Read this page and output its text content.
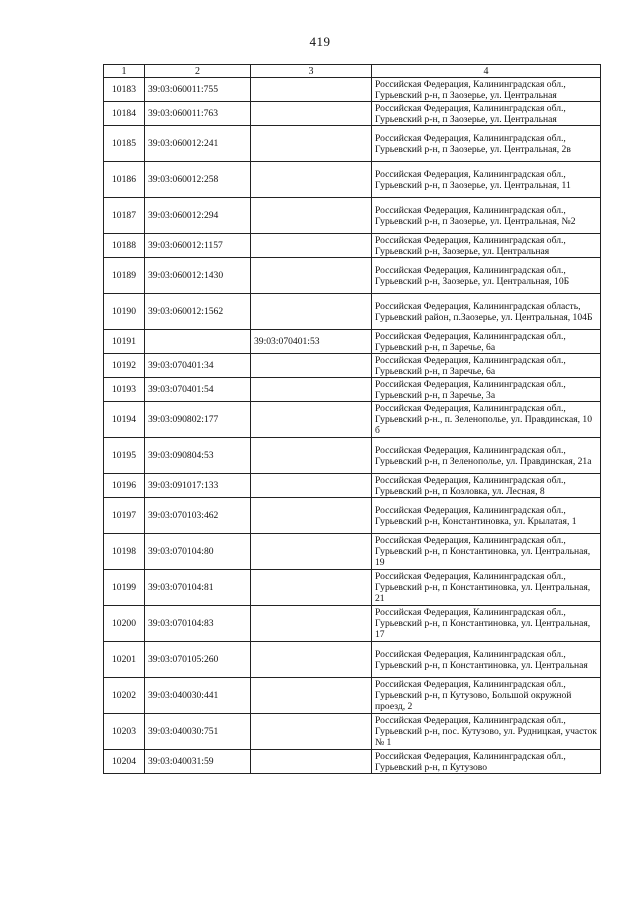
419
1	2	3	4
10183	39:03:060011:755		Российская Федерация, Калининградская обл., Гурьевский р-н, п Заозерье, ул. Центральная
10184	39:03:060011:763		Российская Федерация, Калининградская обл., Гурьевский р-н, п Заозерье, ул. Центральная
10185	39:03:060012:241		Российская Федерация, Калининградская обл., Гурьевский р-н, п Заозерье, ул. Центральная, 2в
10186	39:03:060012:258		Российская Федерация, Калининградская обл., Гурьевский р-н, п Заозерье, ул. Центральная, 11
10187	39:03:060012:294		Российская Федерация, Калининградская обл., Гурьевский р-н, п Заозерье, ул. Центральная, №2
10188	39:03:060012:1157		Российская Федерация, Калининградская обл., Гурьевский р-н, Заозерье, ул. Центральная
10189	39:03:060012:1430		Российская Федерация, Калининградская обл., Гурьевский р-н, Заозерье, ул. Центральная, 10Б
10190	39:03:060012:1562		Российская Федерация, Калининградская область, Гурьевский район, п.Заозерье, ул. Центральная, 104Б
10191		39:03:070401:53	Российская Федерация, Калининградская обл., Гурьевский р-н, п Заречье, 6а
10192	39:03:070401:34		Российская Федерация, Калининградская обл., Гурьевский р-н, п Заречье, 6а
10193	39:03:070401:54		Российская Федерация, Калининградская обл., Гурьевский р-н, п Заречье, 3а
10194	39:03:090802:177		Российская Федерация, Калининградская обл., Гурьевский р-н., п. Зеленополье, ул. Правдинская, 10 б
10195	39:03:090804:53		Российская Федерация, Калининградская обл., Гурьевский р-н, п Зеленополье, ул. Правдинская, 21а
10196	39:03:091017:133		Российская Федерация, Калининградская обл., Гурьевский р-н, п Козловка, ул. Лесная, 8
10197	39:03:070103:462		Российская Федерация, Калининградская обл., Гурьевский р-н, Константиновка, ул. Крылатая, 1
10198	39:03:070104:80		Российская Федерация, Калининградская обл., Гурьевский р-н, п Константиновка, ул. Центральная, 19
10199	39:03:070104:81		Российская Федерация, Калининградская обл., Гурьевский р-н, п Константиновка, ул. Центральная, 21
10200	39:03:070104:83		Российская Федерация, Калининградская обл., Гурьевский р-н, п Константиновка, ул. Центральная, 17
10201	39:03:070105:260		Российская Федерация, Калининградская обл., Гурьевский р-н, п Константиновка, ул. Центральная
10202	39:03:040030:441		Российская Федерация, Калининградская обл., Гурьевский р-н, п Кутузово, Большой окружной проезд, 2
10203	39:03:040030:751		Российская Федерация, Калининградская обл., Гурьевский р-н, пос. Кутузово, ул. Рудницкая, участок № 1
10204	39:03:040031:59		Российская Федерация, Калининградская обл., Гурьевский р-н, п Кутузово
